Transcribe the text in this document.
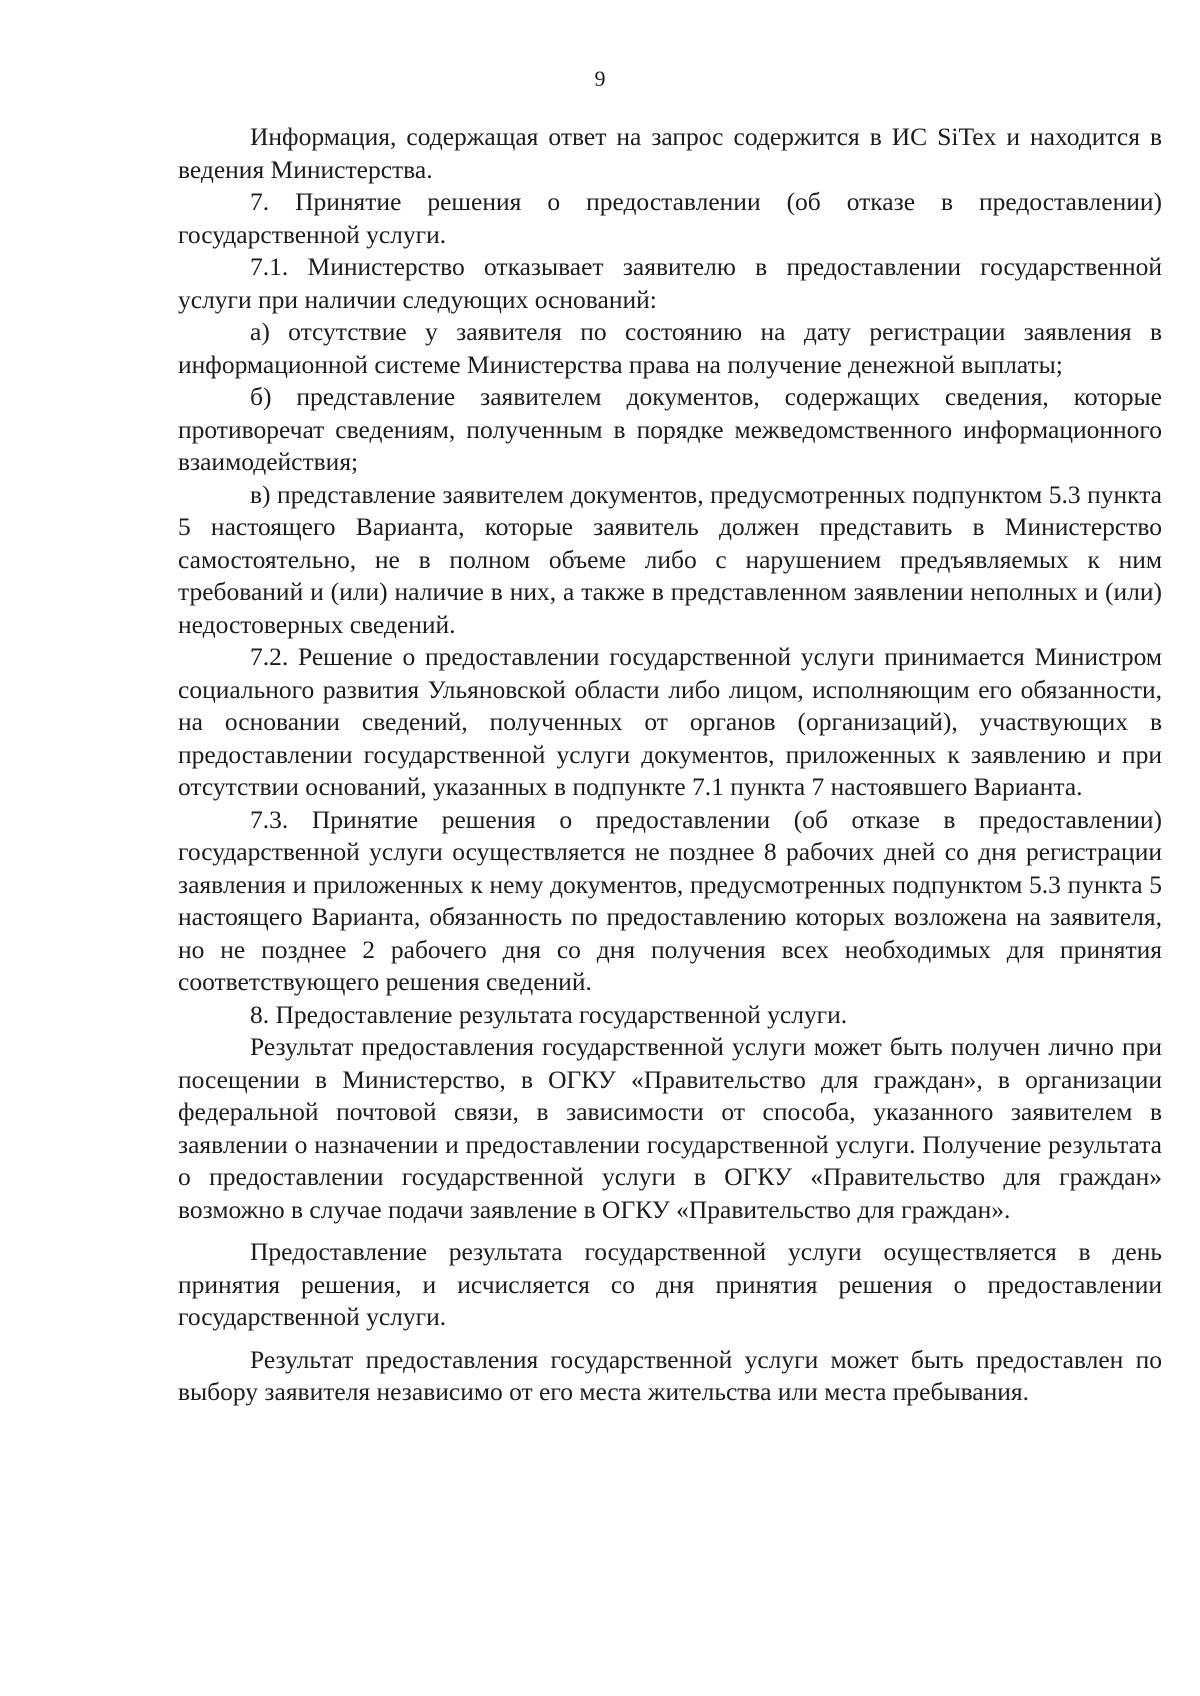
9

Информация, содержащая ответ на запрос содержится в ИС SiTex и находится в ведения Министерства.

7. Принятие решения о предоставлении (об отказе в предоставлении) государственной услуги.

7.1. Министерство отказывает заявителю в предоставлении государственной услуги при наличии следующих оснований:

а) отсутствие у заявителя по состоянию на дату регистрации заявления в информационной системе Министерства права на получение денежной выплаты;

б) представление заявителем документов, содержащих сведения, которые противоречат сведениям, полученным в порядке межведомственного информационного взаимодействия;

в) представление заявителем документов, предусмотренных подпунктом 5.3 пункта 5 настоящего Варианта, которые заявитель должен представить в Министерство самостоятельно, не в полном объеме либо с нарушением предъявляемых к ним требований и (или) наличие в них, а также в представленном заявлении неполных и (или) недостоверных сведений.

7.2. Решение о предоставлении государственной услуги принимается Министром социального развития Ульяновской области либо лицом, исполняющим его обязанности, на основании сведений, полученных от органов (организаций), участвующих в предоставлении государственной услуги документов, приложенных к заявлению и при отсутствии оснований, указанных в подпункте 7.1 пункта 7 настоявшего Варианта.

7.3. Принятие решения о предоставлении (об отказе в предоставлении) государственной услуги осуществляется не позднее 8 рабочих дней со дня регистрации заявления и приложенных к нему документов, предусмотренных подпунктом 5.3 пункта 5 настоящего Варианта, обязанность по предоставлению которых возложена на заявителя, но не позднее 2 рабочего дня со дня получения всех необходимых для принятия соответствующего решения сведений.

8. Предоставление результата государственной услуги.

Результат предоставления государственной услуги может быть получен лично при посещении в Министерство, в ОГКУ «Правительство для граждан», в организации федеральной почтовой связи, в зависимости от способа, указанного заявителем в заявлении о назначении и предоставлении государственной услуги. Получение результата о предоставлении государственной услуги в ОГКУ «Правительство для граждан» возможно в случае подачи заявление в ОГКУ «Правительство для граждан».

Предоставление результата государственной услуги осуществляется в день принятия решения, и исчисляется со дня принятия решения о предоставлении государственной услуги.

Результат предоставления государственной услуги может быть предоставлен по выбору заявителя независимо от его места жительства или места пребывания.
